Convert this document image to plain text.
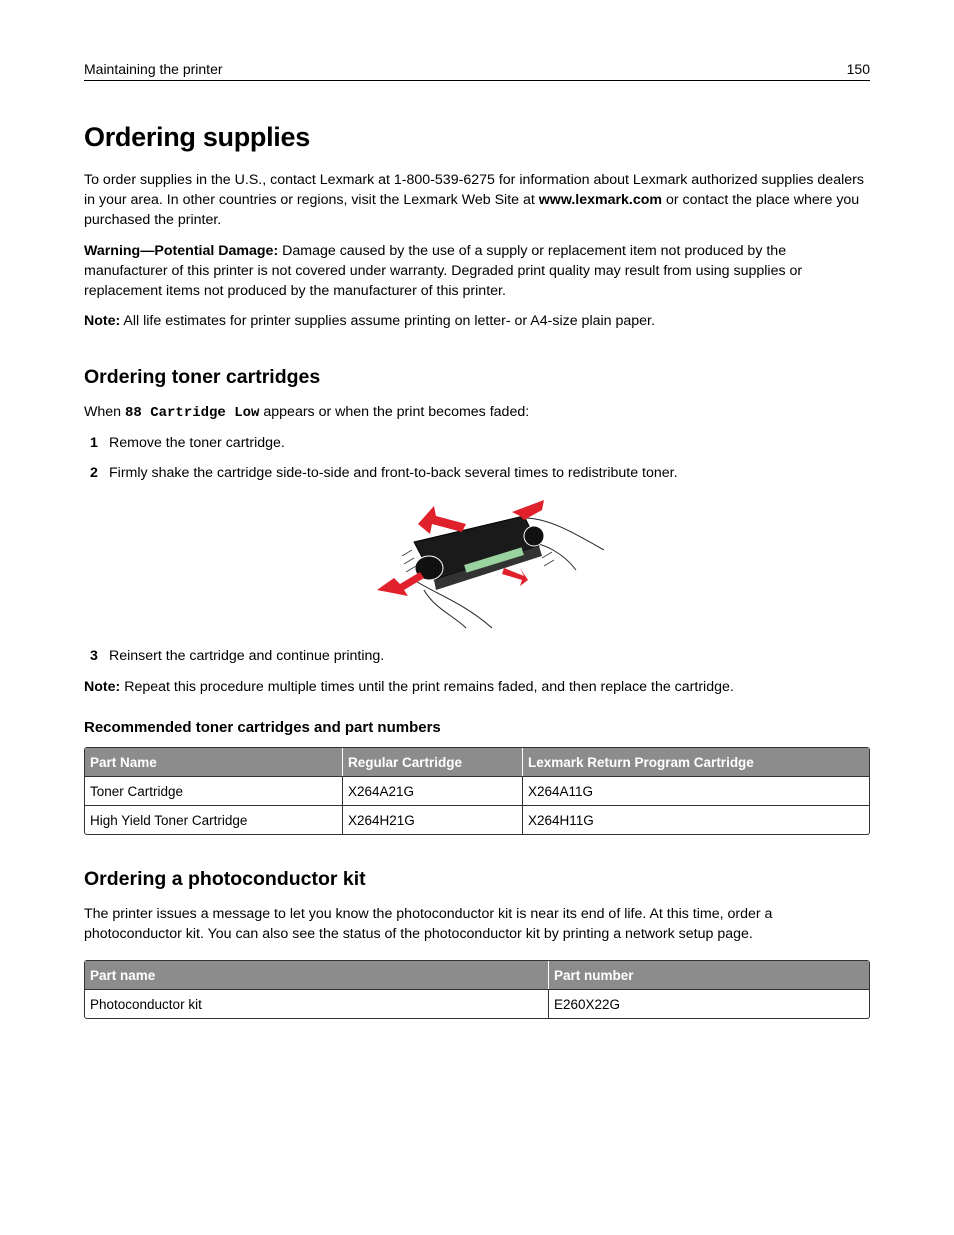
Maintaining the printer	150
Ordering supplies

To order supplies in the U.S., contact Lexmark at 1-800-539-6275 for information about Lexmark authorized supplies dealers in your area. In other countries or regions, visit the Lexmark Web Site at www.lexmark.com or contact the place where you purchased the printer.

Warning—Potential Damage: Damage caused by the use of a supply or replacement item not produced by the manufacturer of this printer is not covered under warranty. Degraded print quality may result from using supplies or replacement items not produced by the manufacturer of this printer.

Note: All life estimates for printer supplies assume printing on letter- or A4-size plain paper.

Ordering toner cartridges

When 88 Cartridge Low appears or when the print becomes faded:

1 Remove the toner cartridge.
2 Firmly shake the cartridge side-to-side and front-to-back several times to redistribute toner.
3 Reinsert the cartridge and continue printing.

Note: Repeat this procedure multiple times until the print remains faded, and then replace the cartridge.

Recommended toner cartridges and part numbers
Part Name	Regular Cartridge	Lexmark Return Program Cartridge
Toner Cartridge	X264A21G	X264A11G
High Yield Toner Cartridge	X264H21G	X264H11G
Ordering a photoconductor kit

The printer issues a message to let you know the photoconductor kit is near its end of life. At this time, order a photoconductor kit. You can also see the status of the photoconductor kit by printing a network setup page.

Part name	Part number
Photoconductor kit	E260X22G
